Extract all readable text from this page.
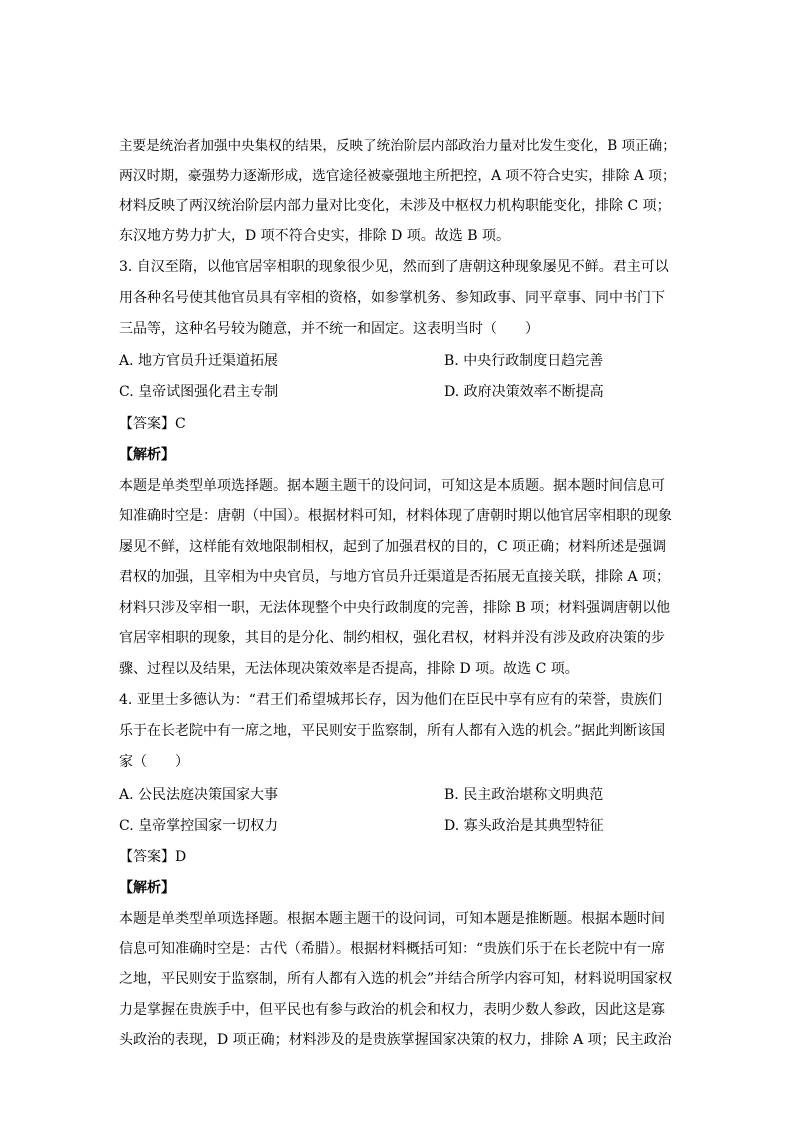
主要是统治者加强中央集权的结果，反映了统治阶层内部政治力量对比发生变化，B 项正确；

两汉时期，豪强势力逐渐形成，选官途径被豪强地主所把控，A 项不符合史实，排除 A 项；

材料反映了两汉统治阶层内部力量对比变化，未涉及中枢权力机构职能变化，排除 C 项；

东汉地方势力扩大，D 项不符合史实，排除 D 项。故选 B 项。

3. 自汉至隋，以他官居宰相职的现象很少见，然而到了唐朝这种现象屡见不鲜。君主可以

用各种名号使其他官员具有宰相的资格，如参掌机务、参知政事、同平章事、同中书门下

三品等，这种名号较为随意，并不统一和固定。这表明当时（　　）

A. 地方官员升迁渠道拓展	B. 中央行政制度日趋完善

C. 皇帝试图强化君主专制	D. 政府决策效率不断提高

【答案】C

【解析】

本题是单类型单项选择题。据本题主题干的设问词，可知这是本质题。据本题时间信息可

知准确时空是：唐朝（中国）。根据材料可知，材料体现了唐朝时期以他官居宰相职的现象

屡见不鲜，这样能有效地限制相权，起到了加强君权的目的，C 项正确；材料所述是强调

君权的加强，且宰相为中央官员，与地方官员升迁渠道是否拓展无直接关联，排除 A 项；

材料只涉及宰相一职，无法体现整个中央行政制度的完善，排除 B 项；材料强调唐朝以他

官居宰相职的现象，其目的是分化、制约相权，强化君权，材料并没有涉及政府决策的步

骤、过程以及结果，无法体现决策效率是否提高，排除 D 项。故选 C 项。

4. 亚里士多德认为：“君王们希望城邦长存，因为他们在臣民中享有应有的荣誉，贵族们

乐于在长老院中有一席之地，平民则安于监察制，所有人都有入选的机会。”据此判断该国

家（　　）

A. 公民法庭决策国家大事	B. 民主政治堪称文明典范

C. 皇帝掌控国家一切权力	D. 寡头政治是其典型特征

【答案】D

【解析】

本题是单类型单项选择题。根据本题主题干的设问词，可知本题是推断题。根据本题时间

信息可知准确时空是：古代（希腊）。根据材料概括可知：“贵族们乐于在长老院中有一席

之地，平民则安于监察制，所有人都有入选的机会”并结合所学内容可知，材料说明国家权

力是掌握在贵族手中，但平民也有参与政治的机会和权力，表明少数人参政，因此这是寡

头政治的表现，D 项正确；材料涉及的是贵族掌握国家决策的权力，排除 A 项；民主政治
